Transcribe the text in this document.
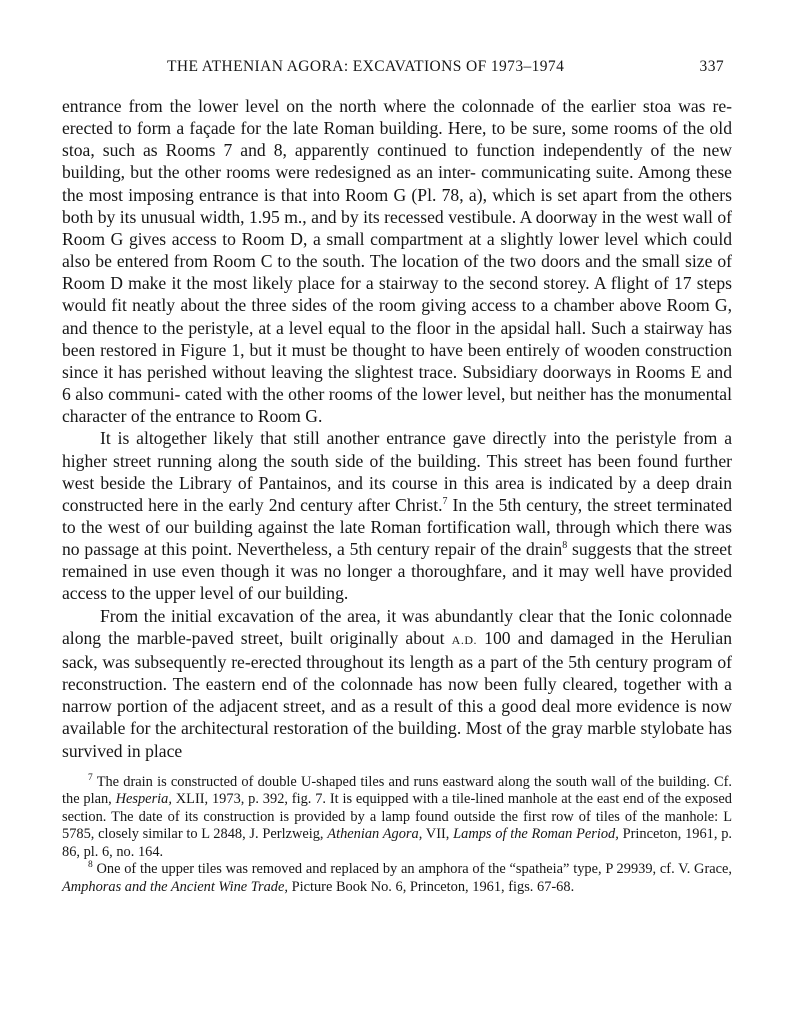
THE ATHENIAN AGORA: EXCAVATIONS OF 1973–1974	337

entrance from the lower level on the north where the colonnade of the earlier stoa was re-erected to form a façade for the late Roman building. Here, to be sure, some rooms of the old stoa, such as Rooms 7 and 8, apparently continued to function independently of the new building, but the other rooms were redesigned as an inter- communicating suite. Among these the most imposing entrance is that into Room G (Pl. 78, a), which is set apart from the others both by its unusual width, 1.95 m., and by its recessed vestibule. A doorway in the west wall of Room G gives access to Room D, a small compartment at a slightly lower level which could also be entered from Room C to the south. The location of the two doors and the small size of Room D make it the most likely place for a stairway to the second storey. A flight of 17 steps would fit neatly about the three sides of the room giving access to a chamber above Room G, and thence to the peristyle, at a level equal to the floor in the apsidal hall. Such a stairway has been restored in Figure 1, but it must be thought to have been entirely of wooden construction since it has perished without leaving the slightest trace. Subsidiary doorways in Rooms E and 6 also communi- cated with the other rooms of the lower level, but neither has the monumental character of the entrance to Room G.

It is altogether likely that still another entrance gave directly into the peristyle from a higher street running along the south side of the building. This street has been found further west beside the Library of Pantainos, and its course in this area is indicated by a deep drain constructed here in the early 2nd century after Christ.$^7$ In the 5th century, the street terminated to the west of our building against the late Roman fortification wall, through which there was no passage at this point. Nevertheless, a 5th century repair of the drain$^8$ suggests that the street remained in use even though it was no longer a thoroughfare, and it may well have provided access to the upper level of our building.

From the initial excavation of the area, it was abundantly clear that the Ionic colonnade along the marble-paved street, built originally about A.D. 100 and damaged in the Herulian sack, was subsequently re-erected throughout its length as a part of the 5th century program of reconstruction. The eastern end of the colonnade has now been fully cleared, together with a narrow portion of the adjacent street, and as a result of this a good deal more evidence is now available for the architectural restoration of the building. Most of the gray marble stylobate has survived in place

$^7$ The drain is constructed of double U-shaped tiles and runs eastward along the south wall of the building. Cf. the plan, Hesperia, XLII, 1973, p. 392, fig. 7. It is equipped with a tile-lined manhole at the east end of the exposed section. The date of its construction is provided by a lamp found outside the first row of tiles of the manhole: L 5785, closely similar to L 2848, J. Perlzweig, Athenian Agora, VII, Lamps of the Roman Period, Princeton, 1961, p. 86, pl. 6, no. 164.

$^8$ One of the upper tiles was removed and replaced by an amphora of the “spatheia” type, P 29939, cf. V. Grace, Amphoras and the Ancient Wine Trade, Picture Book No. 6, Princeton, 1961, figs. 67-68.
